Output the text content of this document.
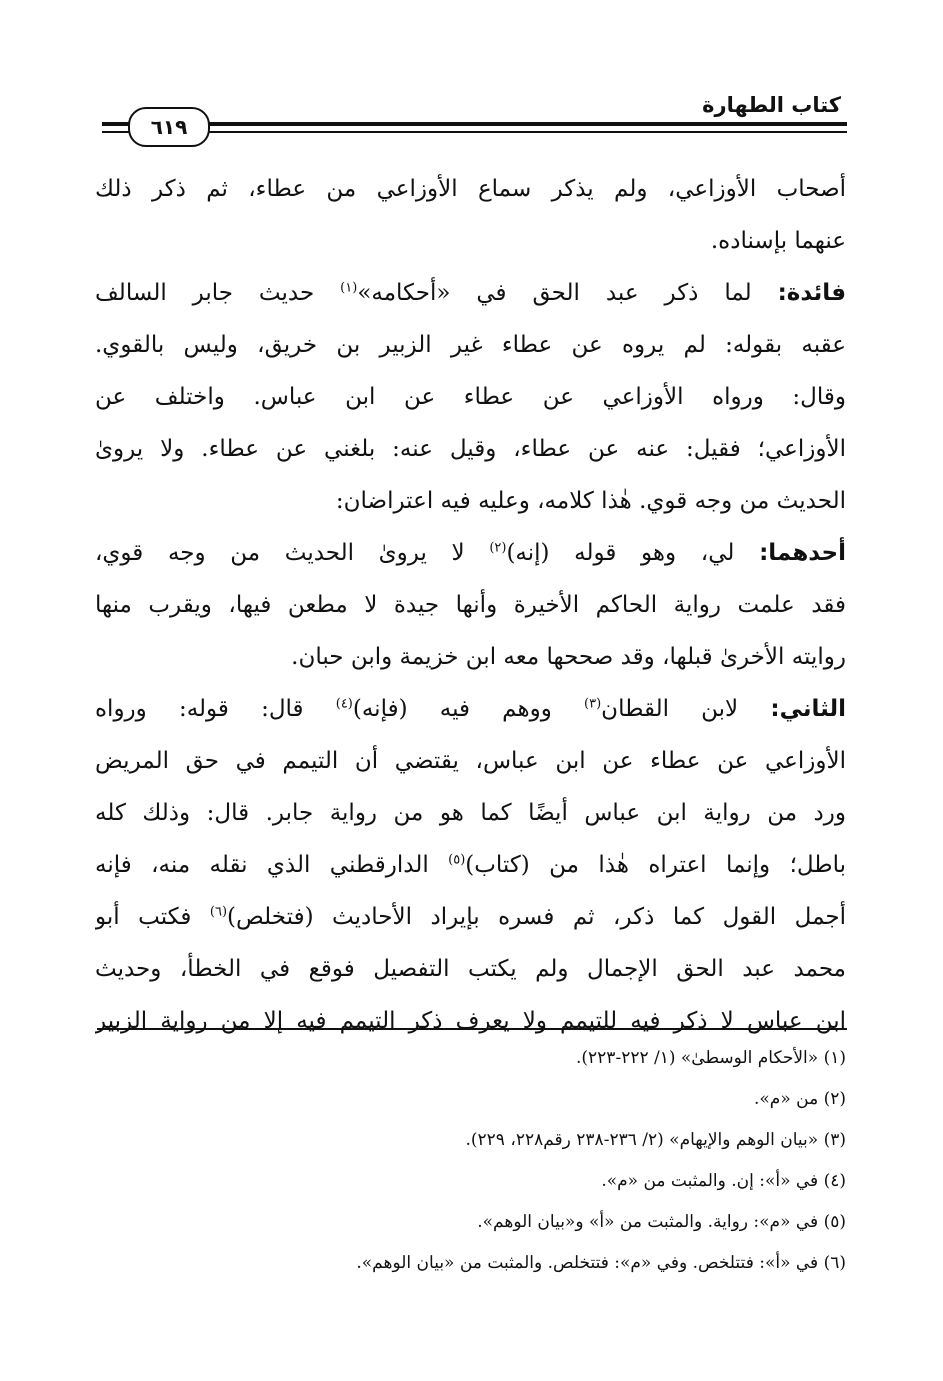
كتاب الطهارة
٦١٩
أصحاب الأوزاعي، ولم يذكر سماع الأوزاعي من عطاء، ثم ذكر ذلك
عنهما بإسناده.
فائدة: لما ذكر عبد الحق في «أحكامه»$^{(١)}$ حديث جابر السالف
عقبه بقوله: لم يروه عن عطاء غير الزبير بن خريق، وليس بالقوي.
وقال: ورواه الأوزاعي عن عطاء عن ابن عباس. واختلف عن
الأوزاعي؛ فقيل: عنه عن عطاء، وقيل عنه: بلغني عن عطاء. ولا يرویٰ
الحديث من وجه قوي. هٰذا كلامه، وعليه فيه اعتراضان:
أحدهما: لي، وهو قوله (إنه)$^{(٢)}$ لا يرویٰ الحديث من وجه قوي،
فقد علمت رواية الحاكم الأخيرة وأنها جيدة لا مطعن فيها، ويقرب منها
روايته الأخرىٰ قبلها، وقد صححها معه ابن خزيمة وابن حبان.
الثاني: لابن القطان$^{(٣)}$ ووهم فيه (فإنه)$^{(٤)}$ قال: قوله: ورواه
الأوزاعي عن عطاء عن ابن عباس، يقتضي أن التيمم في حق المريض
ورد من رواية ابن عباس أيضًا كما هو من رواية جابر. قال: وذلك كله
باطل؛ وإنما اعتراه هٰذا من (كتاب)$^{(٥)}$ الدارقطني الذي نقله منه، فإنه
أجمل القول كما ذكر، ثم فسره بإيراد الأحاديث (فتخلص)$^{(٦)}$ فكتب أبو
محمد عبد الحق الإجمال ولم يكتب التفصيل فوقع في الخطأ، وحديث
ابن عباس لا ذكر فيه للتيمم ولا يعرف ذكر التيمم فيه إلا من رواية الزبير
(١) «الأحكام الوسطىٰ» (١/ ٢٢٢-٢٢٣).
(٢) من «م».
(٣) «بيان الوهم والإيهام» (٢/ ٢٣٦-٢٣٨ رقم٢٢٨، ٢٢٩).
(٤) في «أ»: إن. والمثبت من «م».
(٥) في «م»: رواية. والمثبت من «أ» و«بيان الوهم».
(٦) في «أ»: فتتلخص. وفي «م»: فتتخلص. والمثبت من «بيان الوهم».
